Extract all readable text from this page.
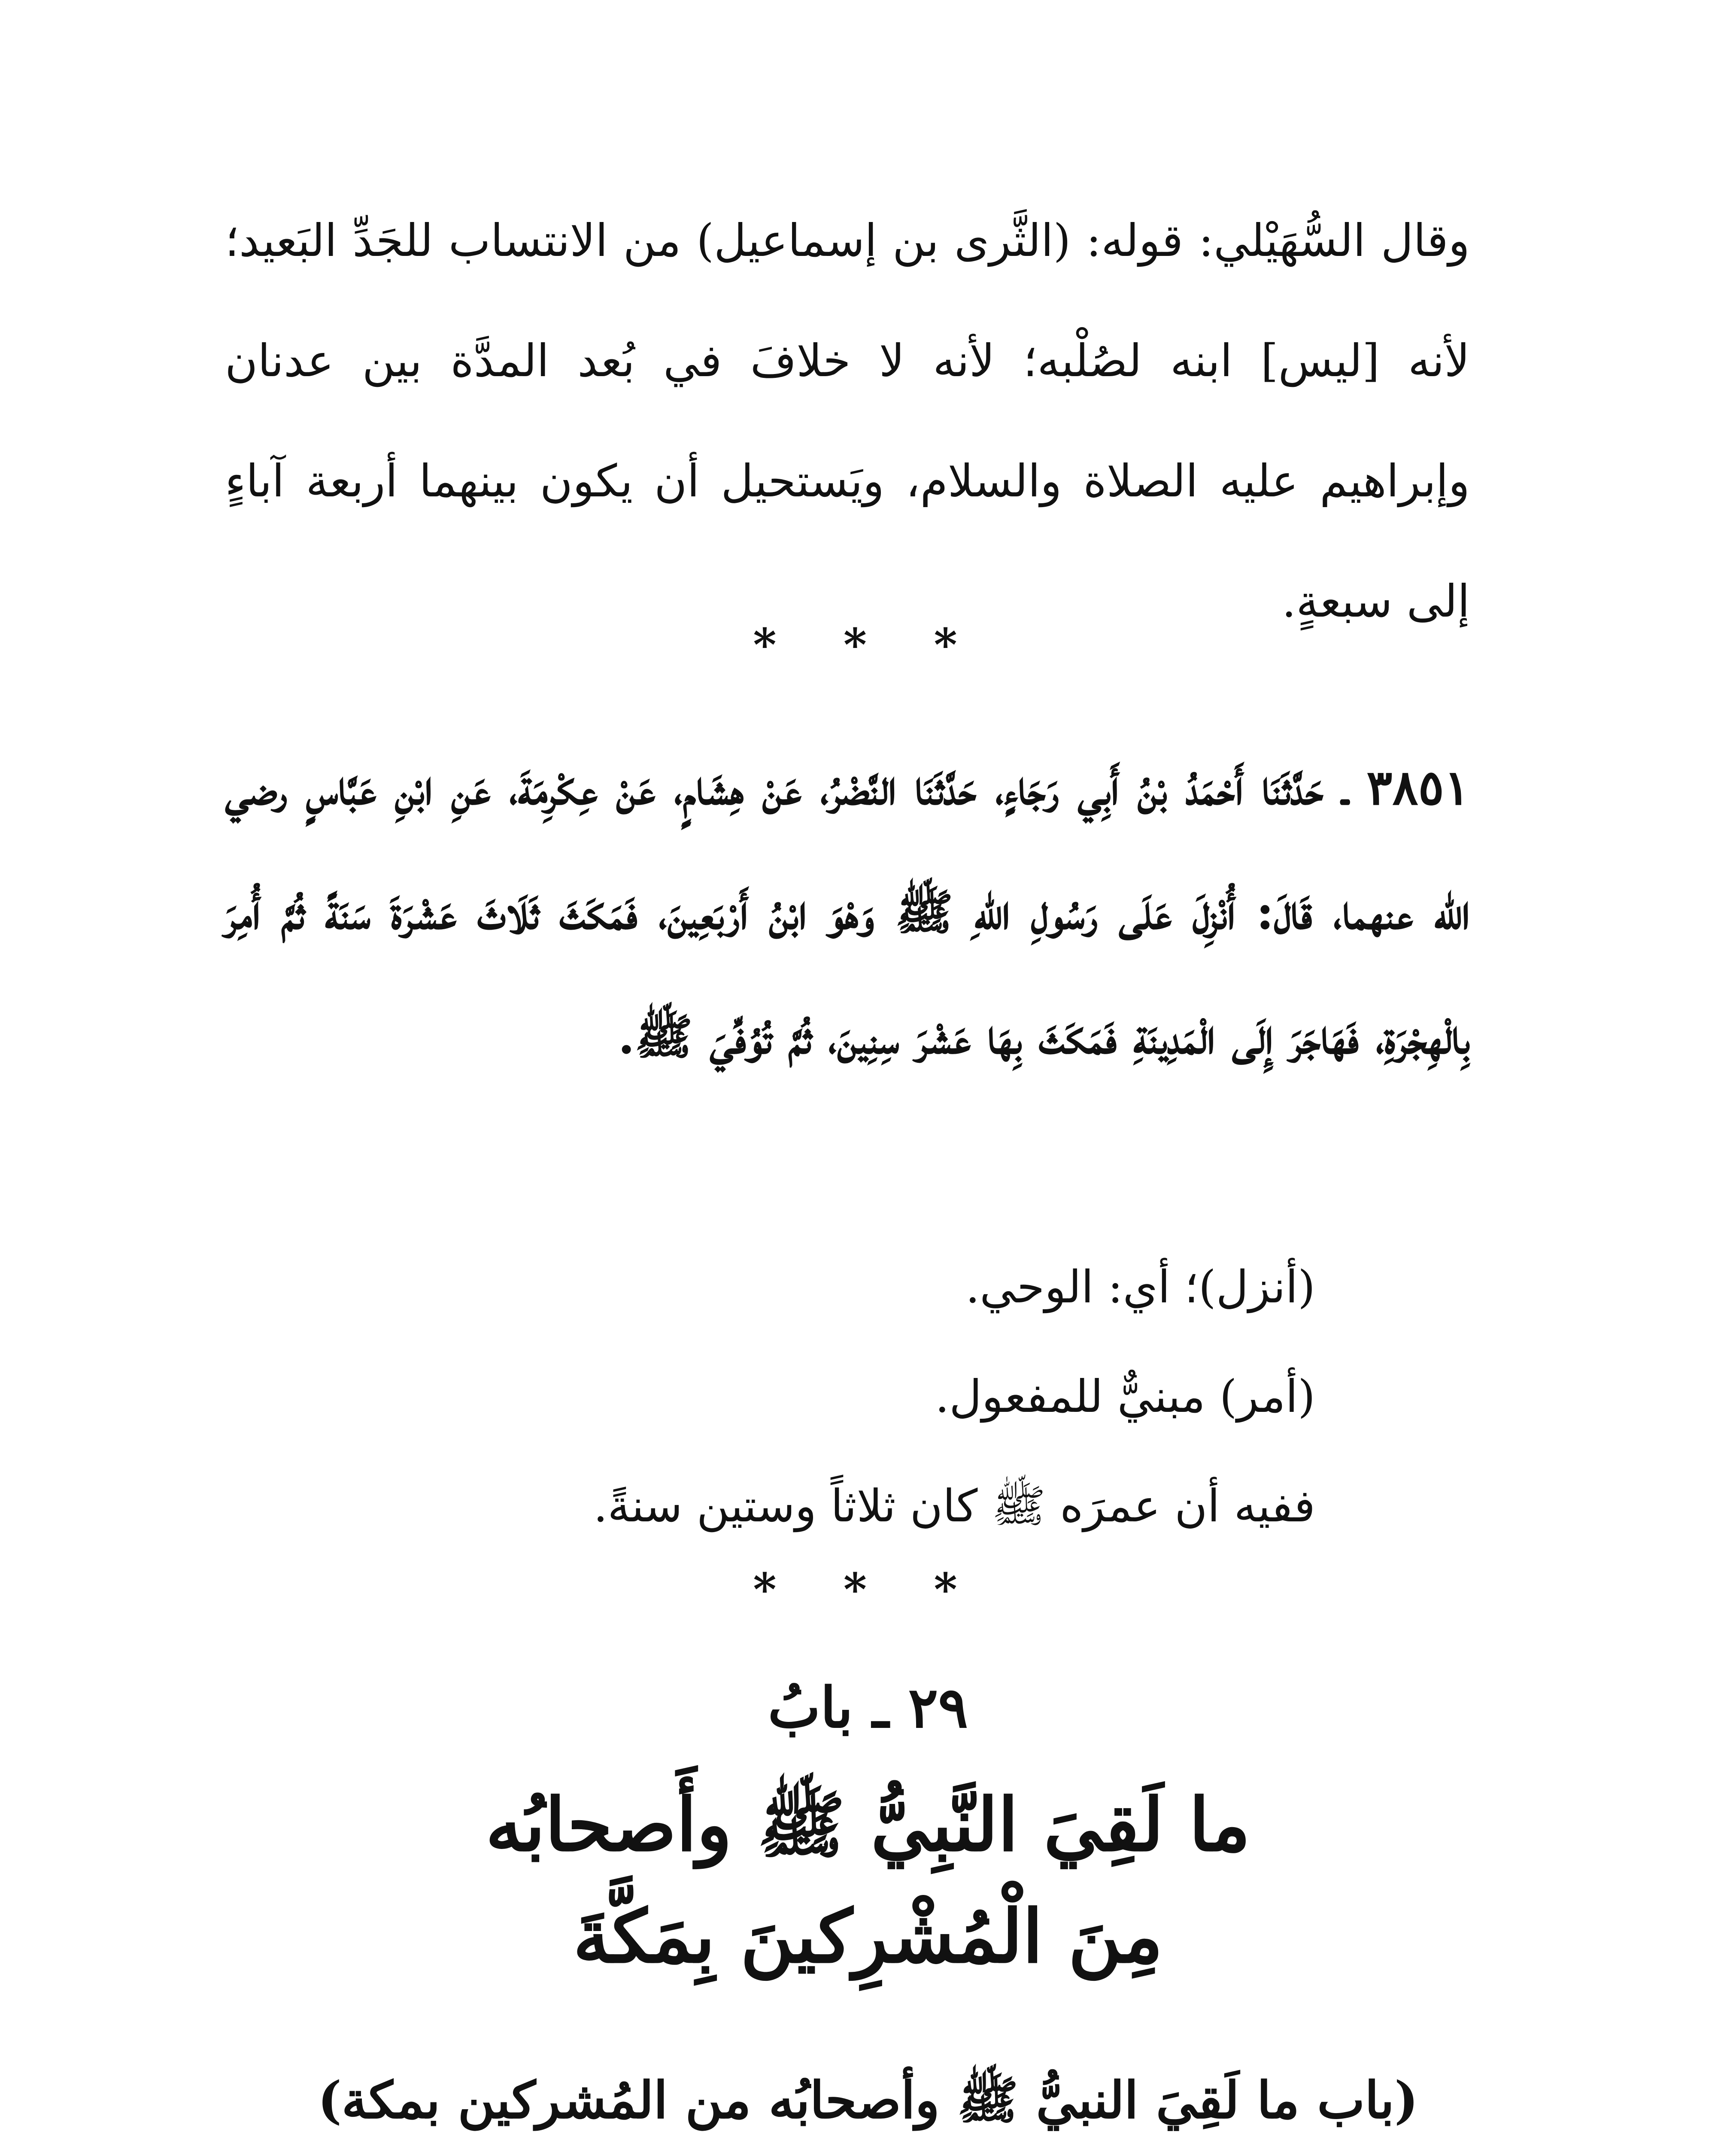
وقال السُّهَيْلي: قوله: (الثَّرى بن إسماعيل) من الانتساب للجَدِّ البَعيد؛ لأنه [ليس] ابنه لصُلْبه؛ لأنه لا خلافَ في بُعد المدَّة بين عدنان وإبراهيم عليه الصلاة والسلام، ويَستحيل أن يكون بينهما أربعة آباءٍ إلى سبعةٍ.

* * *

٣٨٥١ ـ حَدَّثَنَا أَحْمَدُ بْنُ أَبِي رَجَاءٍ، حَدَّثَنَا النَّضْرُ، عَنْ هِشَامٍ، عَنْ عِكْرِمَةَ، عَنِ ابْنِ عَبَّاسٍ رضي الله عنهما، قَالَ: أُنْزِلَ عَلَى رَسُولِ اللهِ ﷺ وَهْوَ ابْنُ أَرْبَعِينَ، فَمَكَثَ ثَلَاثَ عَشْرَةَ سَنَةً ثُمَّ أُمِرَ بِالْهِجْرَةِ، فَهَاجَرَ إِلَى الْمَدِينَةِ فَمَكَثَ بِهَا عَشْرَ سِنِينَ، ثُمَّ تُوُفِّيَ ﷺ.

(أنزل)؛ أي: الوحي.

(أمر) مبنيٌّ للمفعول.

ففيه أن عمرَه ﷺ كان ثلاثاً وستين سنةً.

* * *

٢٩ ـ بابُ

ما لَقِيَ النَّبِيُّ ﷺ وأَصحابُه

مِنَ الْمُشْرِكينَ بِمَكَّةَ

(باب ما لَقِيَ النبيُّ ﷺ وأصحابُه من المُشركين بمكة)
